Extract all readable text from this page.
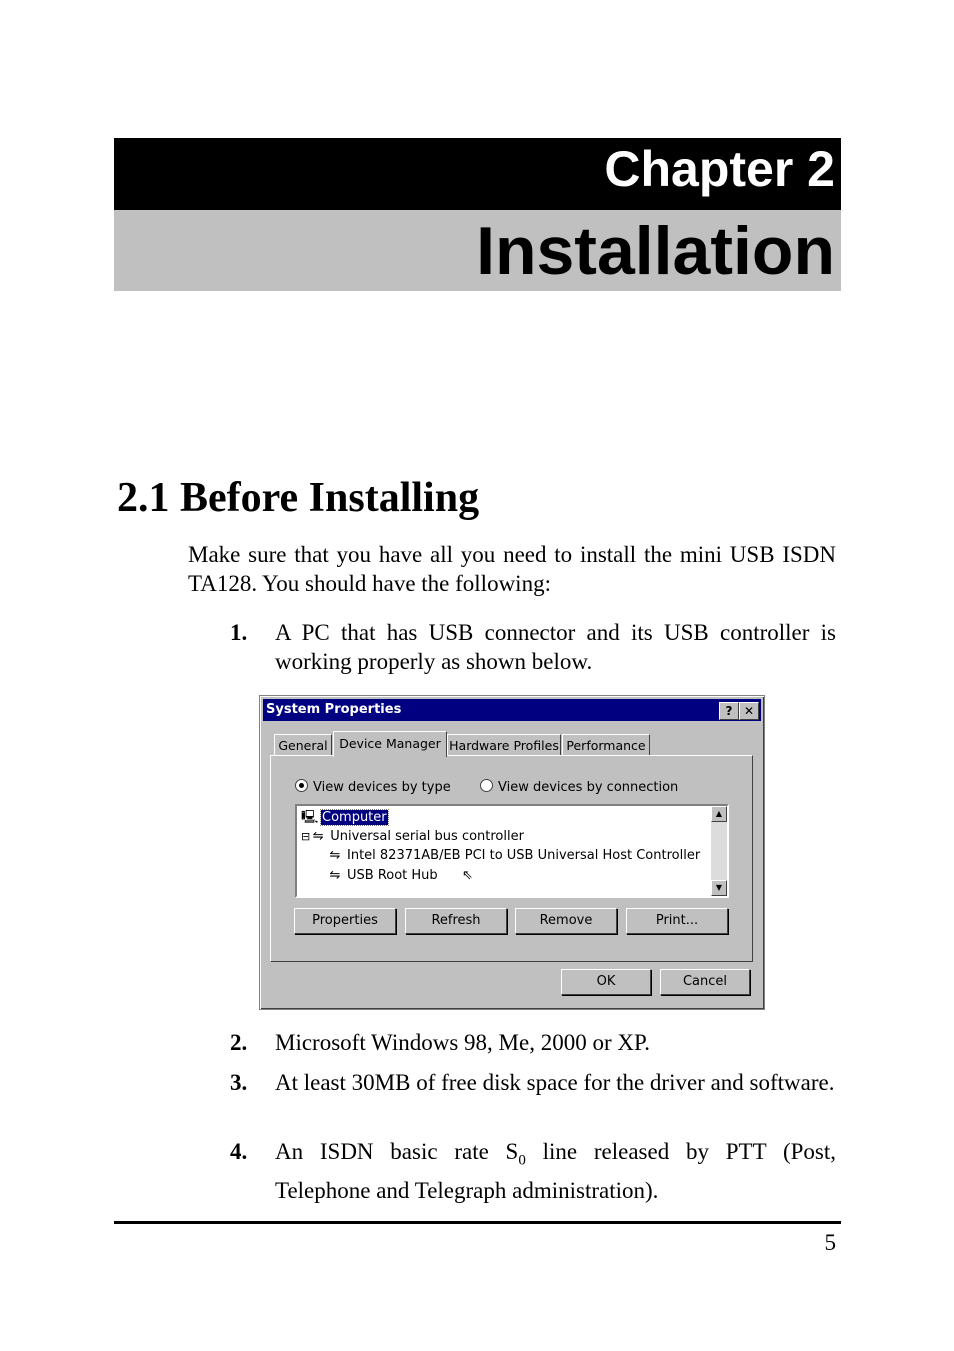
Chapter 2
Installation
2.1 Before Installing

Make sure that you have all you need to install the mini USB ISDN TA128. You should have the following:

1. A PC that has USB connector and its USB controller is working properly as shown below.
System Properties	? ✕
General Device Manager Hardware Profiles Performance
View devices by type	View devices by connection
🖳 Computer
⊟ ⇋ Universal serial bus controller
⇋ Intel 82371AB/EB PCI to USB Universal Host Controller
⇋ USB Root Hub ⇖
▲
▼
Properties	Refresh	Remove	Print...
OK	Cancel
2. Microsoft Windows 98, Me, 2000 or XP.
3. At least 30MB of free disk space for the driver and software.
4. An ISDN basic rate $S_0$ line released by PTT (Post, Telephone and Telegraph administration).
5
